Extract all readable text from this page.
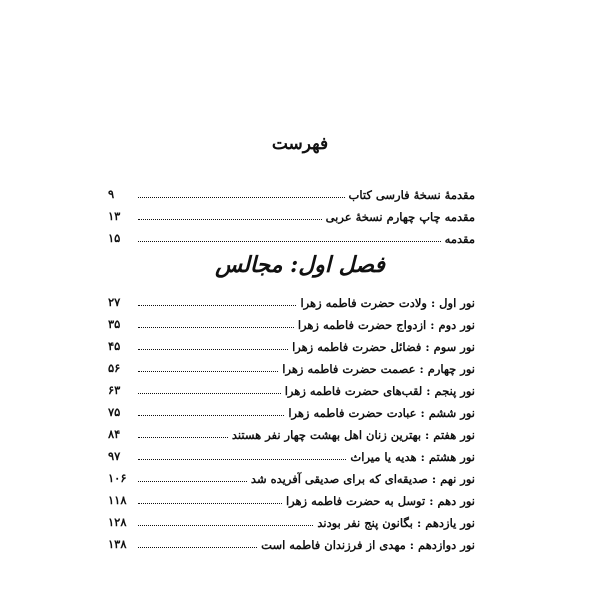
فهرست
مقدمهٔ نسخهٔ فارسی کتاب
۹
مقدمه چاپ چهارم نسخهٔ عربی
۱۳
مقدمه
۱۵
فصل اول: مجالس
نور اول : ولادت حضرت فاطمه زهرا
۲۷
نور دوم : ازدواج حضرت فاطمه زهرا
۳۵
نور سوم : فضائل حضرت فاطمه زهرا
۴۵
نور چهارم : عصمت حضرت فاطمه زهرا
۵۶
نور پنجم : لقب‌های حضرت فاطمه زهرا
۶۳
نور ششم : عبادت حضرت فاطمه زهرا
۷۵
نور هفتم : بهترین زنان اهل بهشت چهار نفر هستند
۸۴
نور هشتم : هدیه یا میراث
۹۷
نور نهم : صدیقه‌ای که برای صدیقی آفریده شد
۱۰۶
نور دهم : توسل به حضرت فاطمه زهرا
۱۱۸
نور یازدهم : بگانون پنج نفر بودند
۱۲۸
نور دوازدهم : مهدی از فرزندان فاطمه است
۱۳۸
